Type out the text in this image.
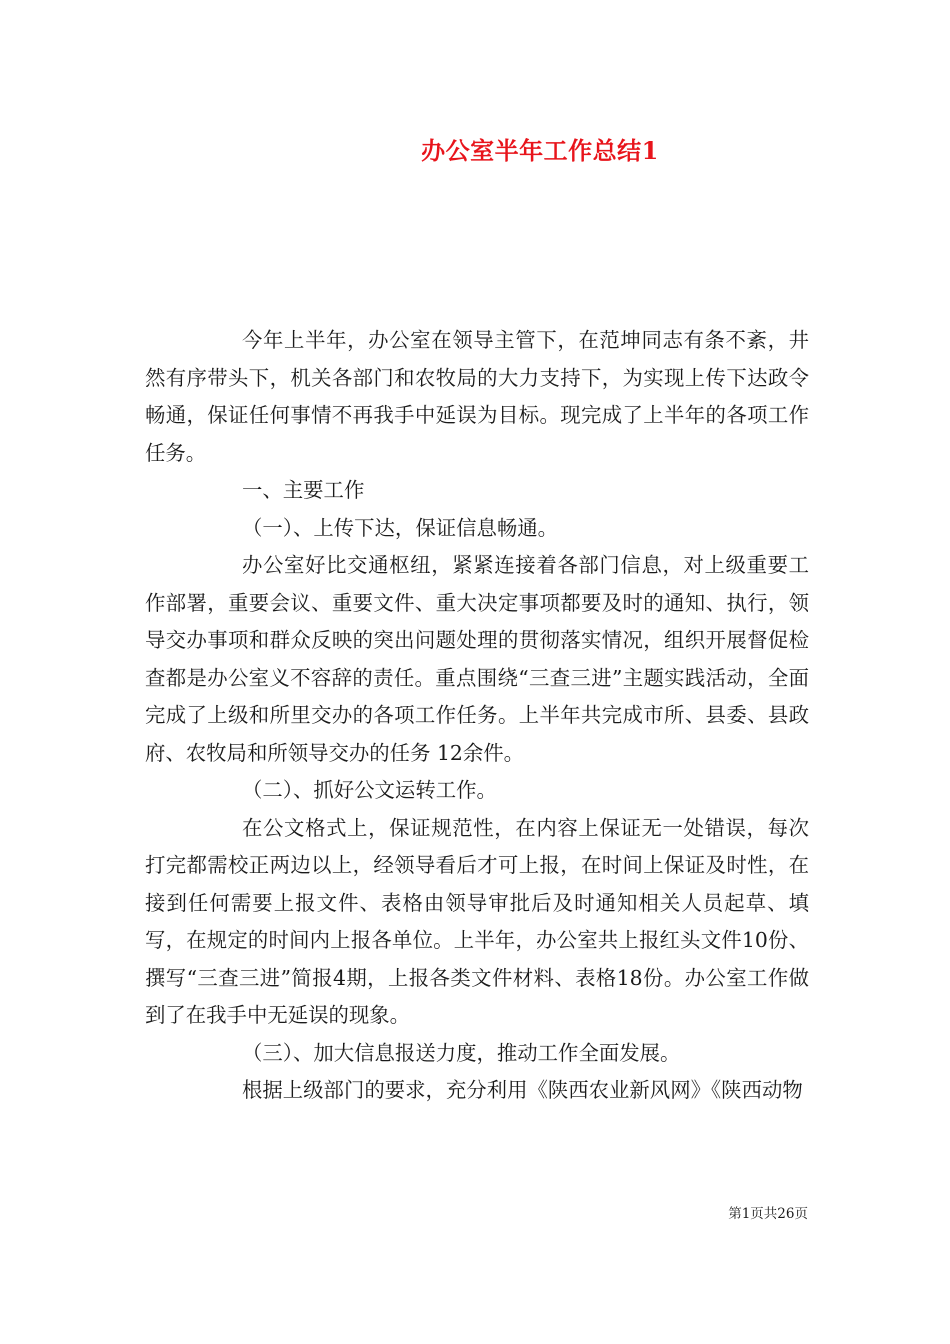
办公室半年工作总结1

今年上半年，办公室在领导主管下，在范坤同志有条不紊，井然有序带头下，机关各部门和农牧局的大力支持下，为实现上传下达政令畅通，保证任何事情不再我手中延误为目标。现完成了上半年的各项工作任务。

一、主要工作

（一）、上传下达，保证信息畅通。

办公室好比交通枢纽，紧紧连接着各部门信息，对上级重要工作部署，重要会议、重要文件、重大决定事项都要及时的通知、执行，领导交办事项和群众反映的突出问题处理的贯彻落实情况，组织开展督促检查都是办公室义不容辞的责任。重点围绕“三查三进”主题实践活动，全面完成了上级和所里交办的各项工作任务。上半年共完成市所、县委、县政府、农牧局和所领导交办的任务 12余件。

（二）、抓好公文运转工作。

在公文格式上，保证规范性，在内容上保证无一处错误，每次打完都需校正两边以上，经领导看后才可上报，在时间上保证及时性，在接到任何需要上报文件、表格由领导审批后及时通知相关人员起草、填写，在规定的时间内上报各单位。上半年，办公室共上报红头文件10份、撰写“三查三进”简报4期，上报各类文件材料、表格18份。办公室工作做到了在我手中无延误的现象。

（三）、加大信息报送力度，推动工作全面发展。

根据上级部门的要求，充分利用《陕西农业新风网》《陕西动物

第1页共26页
